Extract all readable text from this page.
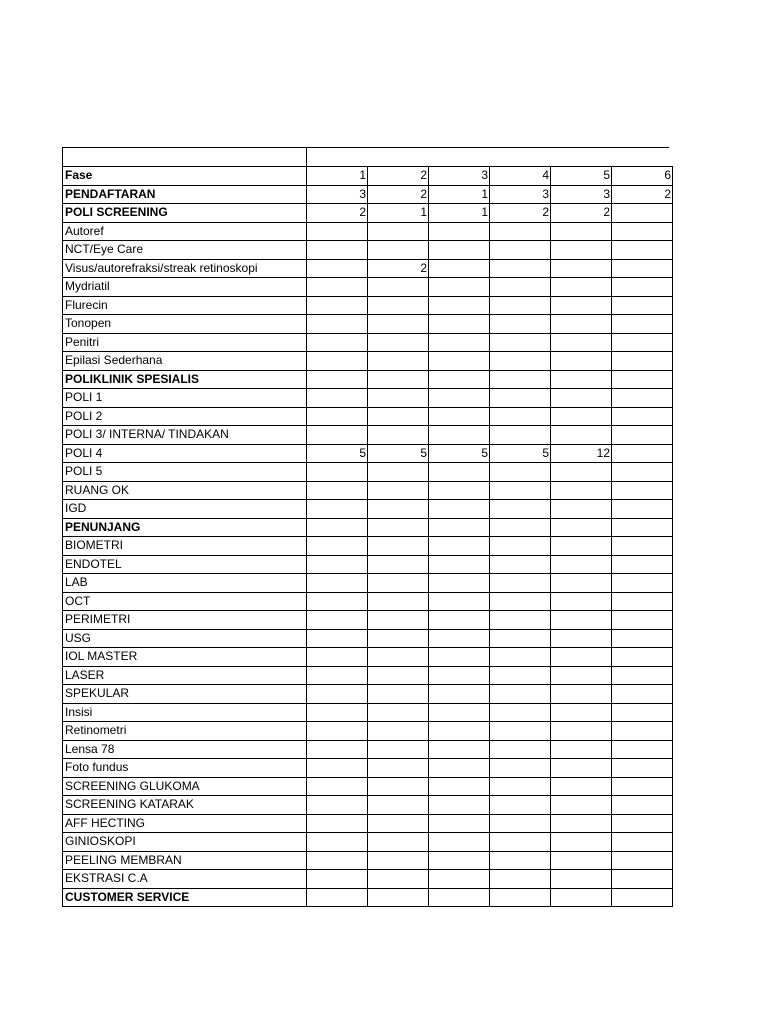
Fase	1	2	3	4	5	6
PENDAFTARAN	3	2	1	3	3	2
POLI SCREENING	2	1	1	2	2	
Autoref						
NCT/Eye Care						
Visus/autorefraksi/streak retinoskopi		2				
Mydriatil						
Flurecin						
Tonopen						
Penitri						
Epilasi Sederhana						
POLIKLINIK SPESIALIS						
POLI 1						
POLI 2						
POLI 3/ INTERNA/ TINDAKAN						
POLI 4	5	5	5	5	12	
POLI 5						
RUANG OK						
IGD						
PENUNJANG						
BIOMETRI						
ENDOTEL						
LAB						
OCT						
PERIMETRI						
USG						
IOL MASTER						
LASER						
SPEKULAR						
Insisi						
Retinometri						
Lensa 78						
Foto fundus						
SCREENING GLUKOMA						
SCREENING KATARAK						
AFF HECTING						
GINIOSKOPI						
PEELING MEMBRAN						
EKSTRASI C.A						
CUSTOMER SERVICE						
